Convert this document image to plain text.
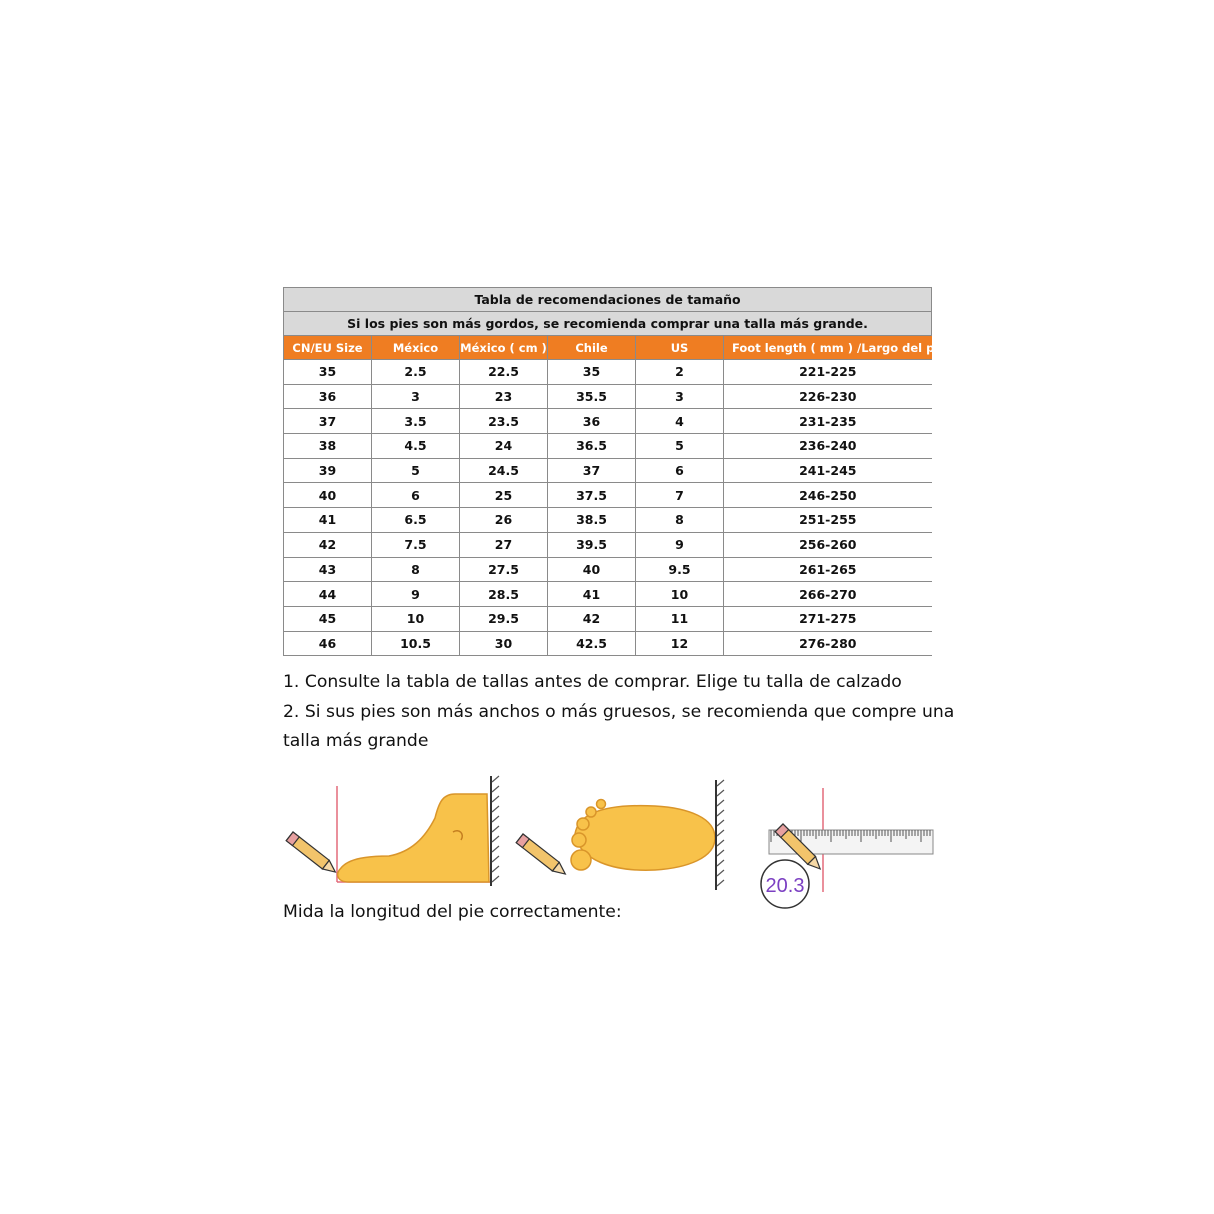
Tabla de recomendaciones de tamaño					
Si los pies son más gordos, se recomienda comprar una talla más grande.					
CN/EU Size	México	México ( cm )	Chile	US	Foot length ( mm ) /Largo del pie(mm)
35	2.5	22.5	35	2	221-225
36	3	23	35.5	3	226-230
37	3.5	23.5	36	4	231-235
38	4.5	24	36.5	5	236-240
39	5	24.5	37	6	241-245
40	6	25	37.5	7	246-250
41	6.5	26	38.5	8	251-255
42	7.5	27	39.5	9	256-260
43	8	27.5	40	9.5	261-265
44	9	28.5	41	10	266-270
45	10	29.5	42	11	271-275
46	10.5	30	42.5	12	276-280

1. Consulte la tabla de tallas antes de comprar. Elige tu talla de calzado

2. Si sus pies son más anchos o más gruesos, se recomienda que compre una

talla más grande

20.3
Mida la longitud del pie correctamente:
